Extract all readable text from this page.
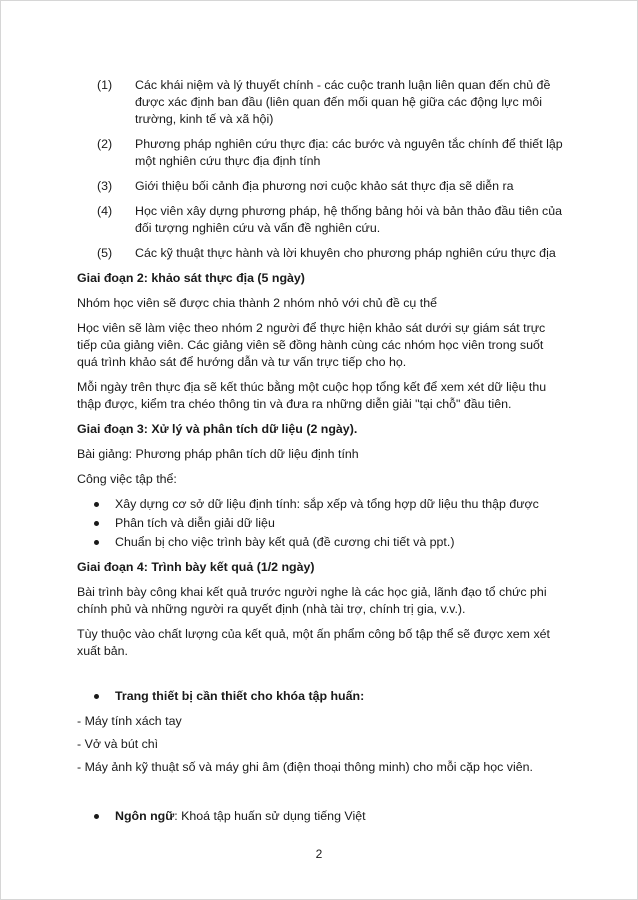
(1) Các khái niệm và lý thuyết chính - các cuộc tranh luận liên quan đến chủ đề được xác định ban đầu (liên quan đến mối quan hệ giữa các động lực môi trường, kinh tế và xã hội)
(2) Phương pháp nghiên cứu thực địa: các bước và nguyên tắc chính để thiết lập một nghiên cứu thực địa định tính
(3) Giới thiệu bối cảnh địa phương nơi cuộc khảo sát thực địa sẽ diễn ra
(4) Học viên xây dựng phương pháp, hệ thống bảng hỏi và bản thảo đầu tiên của đối tượng nghiên cứu và vấn đề nghiên cứu.
(5) Các kỹ thuật thực hành và lời khuyên cho phương pháp nghiên cứu thực địa
Giai đoạn 2: khảo sát thực địa (5 ngày)

Nhóm học viên sẽ được chia thành 2 nhóm nhỏ với chủ đề cụ thể

Học viên sẽ làm việc theo nhóm 2 người để thực hiện khảo sát dưới sự giám sát trực tiếp của giảng viên. Các giảng viên sẽ đồng hành cùng các nhóm học viên trong suốt quá trình khảo sát để hướng dẫn và tư vấn trực tiếp cho họ.

Mỗi ngày trên thực địa sẽ kết thúc bằng một cuộc họp tổng kết để xem xét dữ liệu thu thập được, kiểm tra chéo thông tin và đưa ra những diễn giải "tại chỗ" đầu tiên.

Giai đoạn 3: Xử lý và phân tích dữ liệu (2 ngày).

Bài giảng: Phương pháp phân tích dữ liệu định tính

Công việc tập thể:

Xây dựng cơ sở dữ liệu định tính: sắp xếp và tổng hợp dữ liệu thu thập được
Phân tích và diễn giải dữ liệu
Chuẩn bị cho việc trình bày kết quả (đề cương chi tiết và ppt.)
Giai đoạn 4: Trình bày kết quả (1/2 ngày)

Bài trình bày công khai kết quả trước người nghe là các học giả, lãnh đạo tổ chức phi chính phủ và những người ra quyết định (nhà tài trợ, chính trị gia, v.v.).

Tùy thuộc vào chất lượng của kết quả, một ấn phẩm công bố tập thể sẽ được xem xét xuất bản.

Trang thiết bị cần thiết cho khóa tập huấn:
- Máy tính xách tay
- Vở và bút chì
- Máy ảnh kỹ thuật số và máy ghi âm (điện thoại thông minh) cho mỗi cặp học viên.
Ngôn ngữ: Khoá tập huấn sử dụng tiếng Việt
2
